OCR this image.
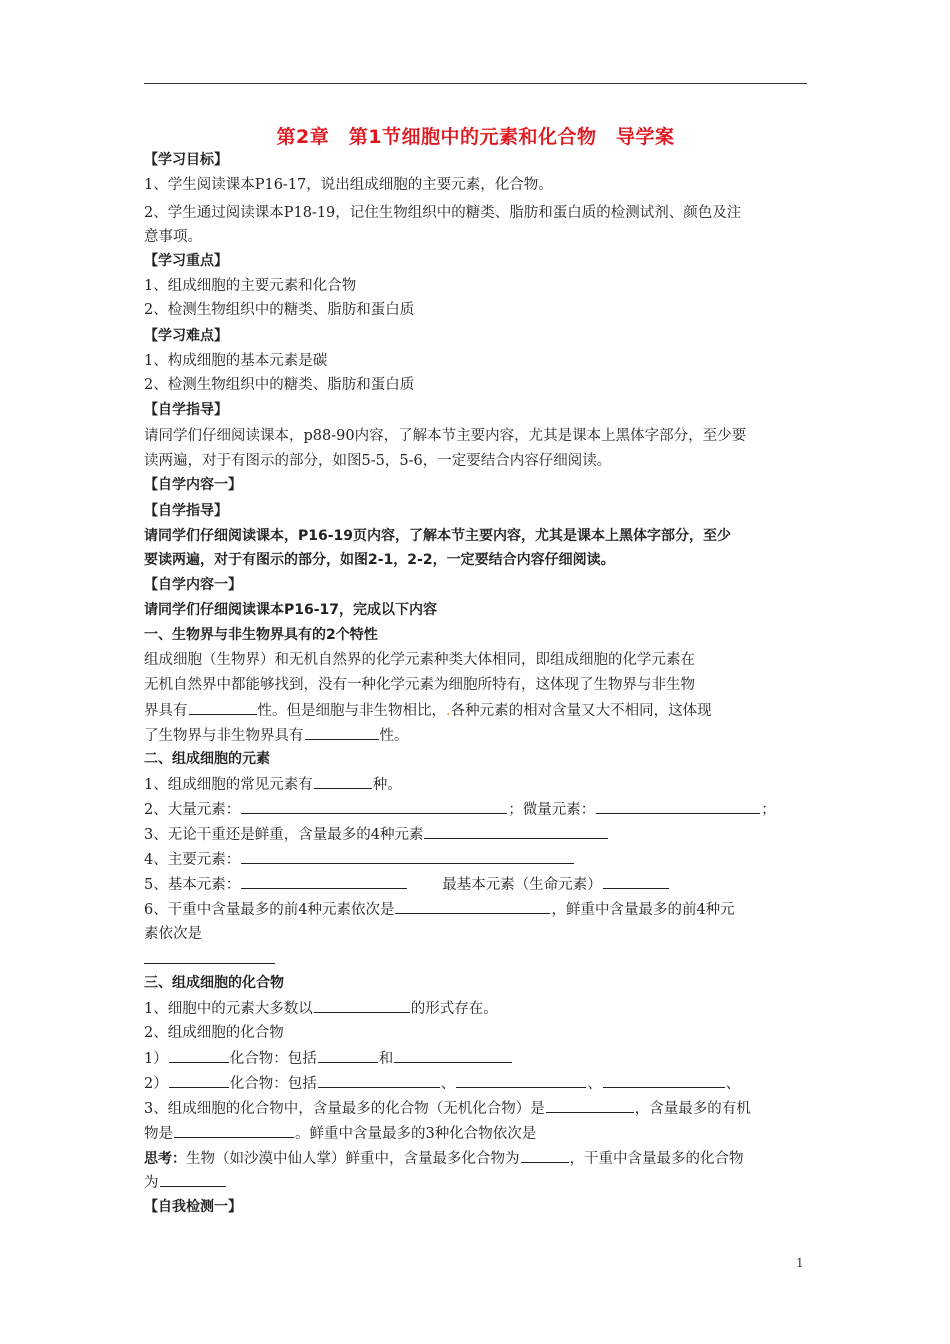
第2章　第1节细胞中的元素和化合物　导学案
【学习目标】
1、学生阅读课本P16-17，说出组成细胞的主要元素，化合物。
2、学生通过阅读课本P18-19，记住生物组织中的糖类、脂肪和蛋白质的检测试剂、颜色及注
意事项。
【学习重点】
1、组成细胞的主要元素和化合物
2、检测生物组织中的糖类、脂肪和蛋白质
【学习难点】
1、构成细胞的基本元素是碳
2、检测生物组织中的糖类、脂肪和蛋白质
【自学指导】
请同学们仔细阅读课本，p88-90内容，了解本节主要内容，尤其是课本上黑体字部分，至少要
读两遍，对于有图示的部分，如图5-5，5-6，一定要结合内容仔细阅读。
【自学内容一】
【自学指导】
请同学们仔细阅读课本，P16-19页内容，了解本节主要内容，尤其是课本上黑体字部分，至少
要读两遍，对于有图示的部分，如图2-1，2-2，一定要结合内容仔细阅读。
【自学内容一】
请同学们仔细阅读课本P16-17，完成以下内容
一、生物界与非生物界具有的2个特性
组成细胞（生物界）和无机自然界的化学元素种类大体相同，即组成细胞的化学元素在
无机自然界中都能够找到，没有一种化学元素为细胞所特有，这体现了生物界与非生物
界具有	性。但是细胞与非生物相比，.各种元素的相对含量又大不相同，这体现
了生物界与非生物界具有	性。
二、组成细胞的元素
1、组成细胞的常见元素有	种。
2、大量元素：	；微量元素：	；
3、无论干重还是鲜重，含量最多的4种元素
4、主要元素：
5、基本元素：	最基本元素（生命元素）
6、干重中含量最多的前4种元素依次是	，鲜重中含量最多的前4种元
素依次是
三、组成细胞的化合物
1、细胞中的元素大多数以	的形式存在。
2、组成细胞的化合物
1）	化合物：包括	和
2）	化合物：包括	、	、	、
3、组成细胞的化合物中，含量最多的化合物（无机化合物）是	，含量最多的有机
物是	。鲜重中含量最多的3种化合物依次是
思考：生物（如沙漠中仙人掌）鲜重中，含量最多化合物为	，干重中含量最多的化合物
为
【自我检测一】
1
